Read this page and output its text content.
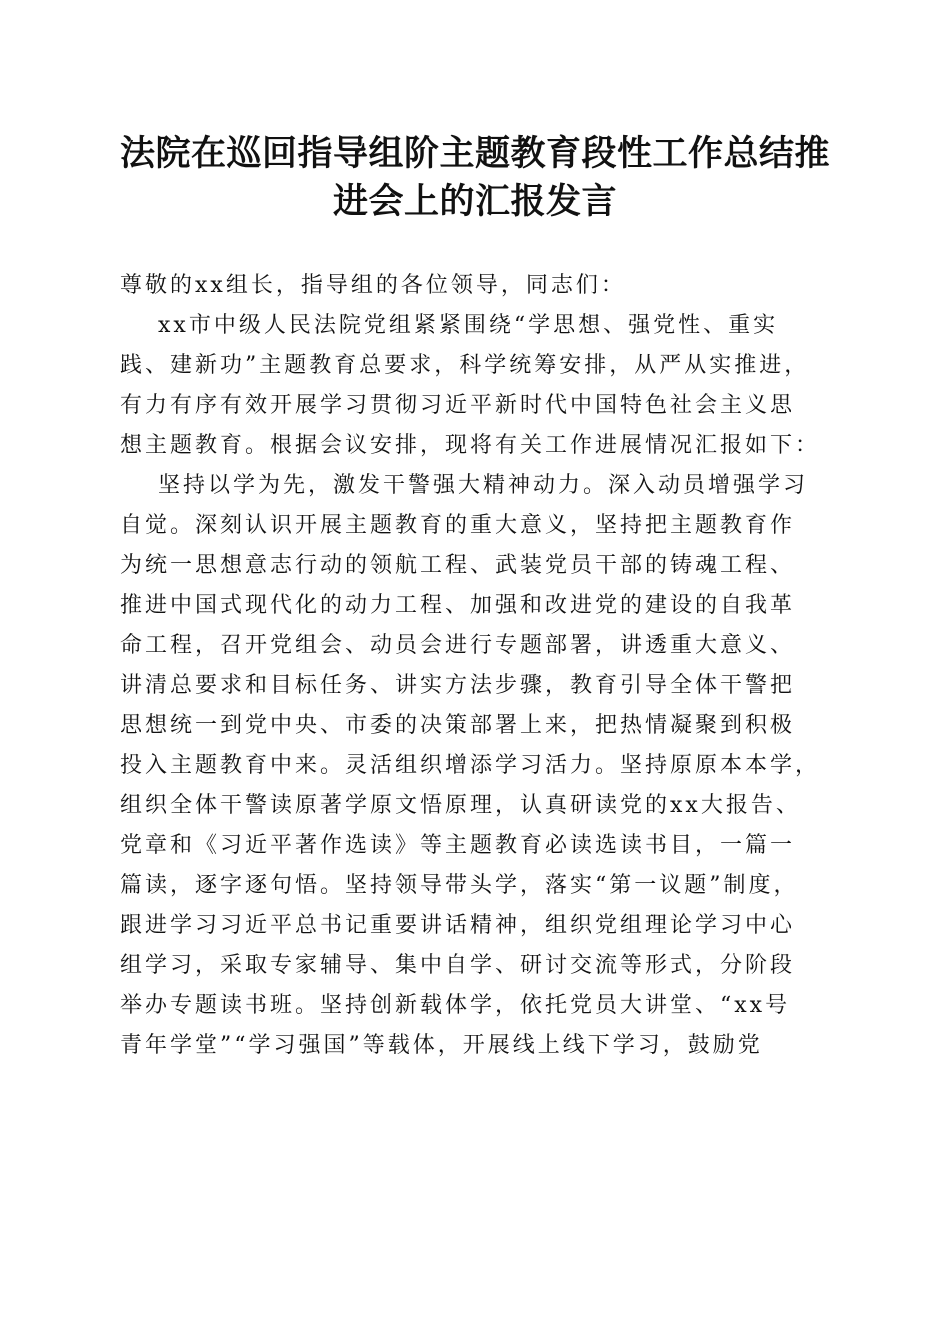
法院在巡回指导组阶主题教育段性工作总结推
进会上的汇报发言
尊敬的xx组长，指导组的各位领导，同志们：
xx市中级人民法院党组紧紧围绕“学思想、强党性、重实
践、建新功”主题教育总要求，科学统筹安排，从严从实推进，
有力有序有效开展学习贯彻习近平新时代中国特色社会主义思
想主题教育。根据会议安排，现将有关工作进展情况汇报如下：
坚持以学为先，激发干警强大精神动力。深入动员增强学习
自觉。深刻认识开展主题教育的重大意义，坚持把主题教育作
为统一思想意志行动的领航工程、武装党员干部的铸魂工程、
推进中国式现代化的动力工程、加强和改进党的建设的自我革
命工程，召开党组会、动员会进行专题部署，讲透重大意义、
讲清总要求和目标任务、讲实方法步骤，教育引导全体干警把
思想统一到党中央、市委的决策部署上来，把热情凝聚到积极
投入主题教育中来。灵活组织增添学习活力。坚持原原本本学，
组织全体干警读原著学原文悟原理，认真研读党的xx大报告、
党章和《习近平著作选读》等主题教育必读选读书目，一篇一
篇读，逐字逐句悟。坚持领导带头学，落实“第一议题”制度，
跟进学习习近平总书记重要讲话精神，组织党组理论学习中心
组学习，采取专家辅导、集中自学、研讨交流等形式，分阶段
举办专题读书班。坚持创新载体学，依托党员大讲堂、“xx号
青年学堂”“学习强国”等载体，开展线上线下学习，鼓励党
